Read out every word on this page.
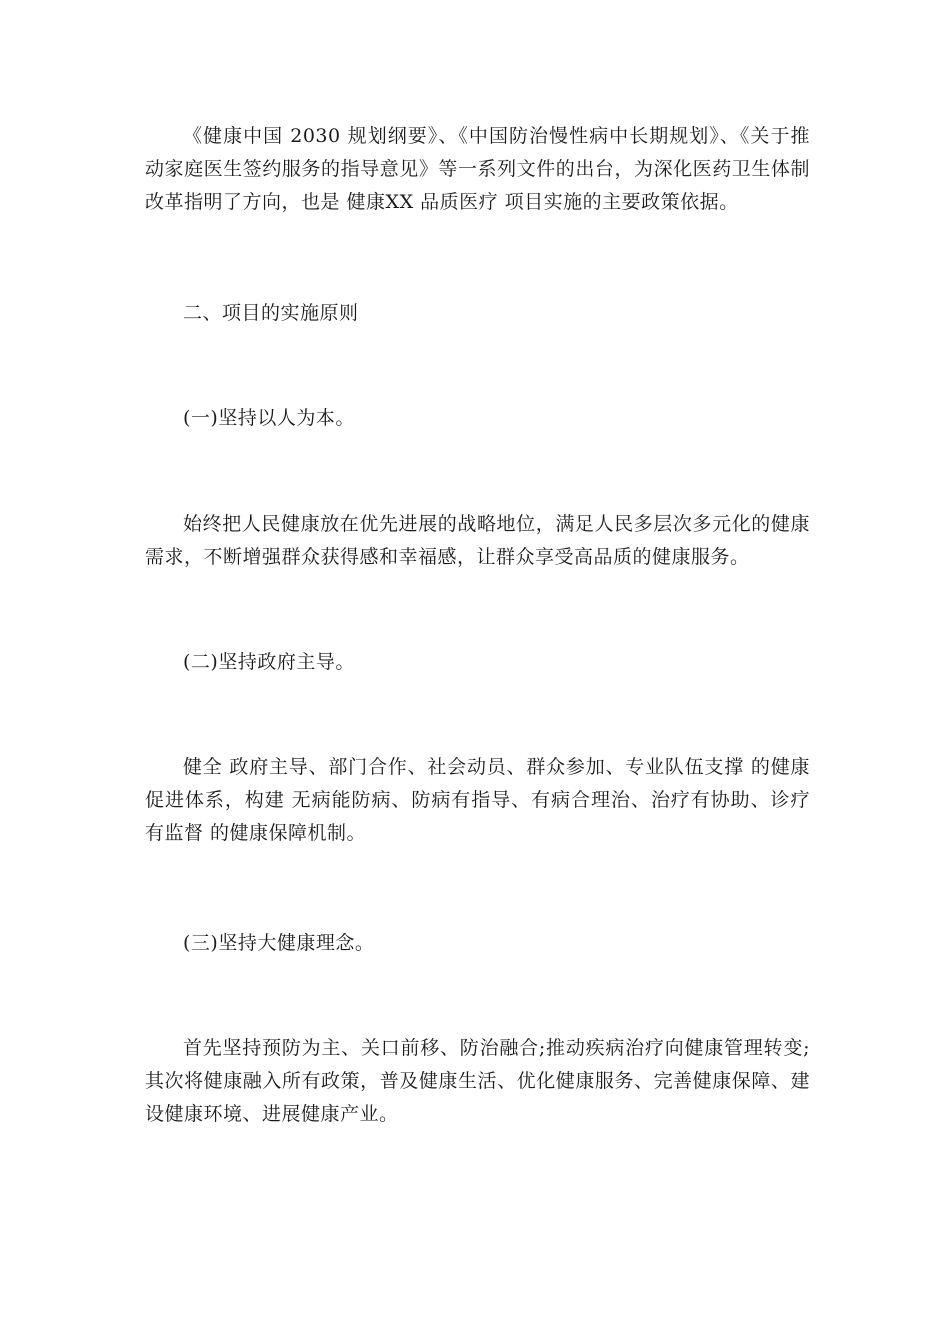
《健康中国 2030 规划纲要》、《中国防治慢性病中长期规划》、《关于推动家庭医生签约服务的指导意见》等一系列文件的出台，为深化医药卫生体制改革指明了方向，也是 健康XX 品质医疗 项目实施的主要政策依据。

二、项目的实施原则

(一)坚持以人为本。

始终把人民健康放在优先进展的战略地位，满足人民多层次多元化的健康需求，不断增强群众获得感和幸福感，让群众享受高品质的健康服务。

(二)坚持政府主导。

健全 政府主导、部门合作、社会动员、群众参加、专业队伍支撑 的健康促进体系，构建 无病能防病、防病有指导、有病合理治、治疗有协助、诊疗有监督 的健康保障机制。

(三)坚持大健康理念。

首先坚持预防为主、关口前移、防治融合;推动疾病治疗向健康管理转变;其次将健康融入所有政策，普及健康生活、优化健康服务、完善健康保障、建设健康环境、进展健康产业。
